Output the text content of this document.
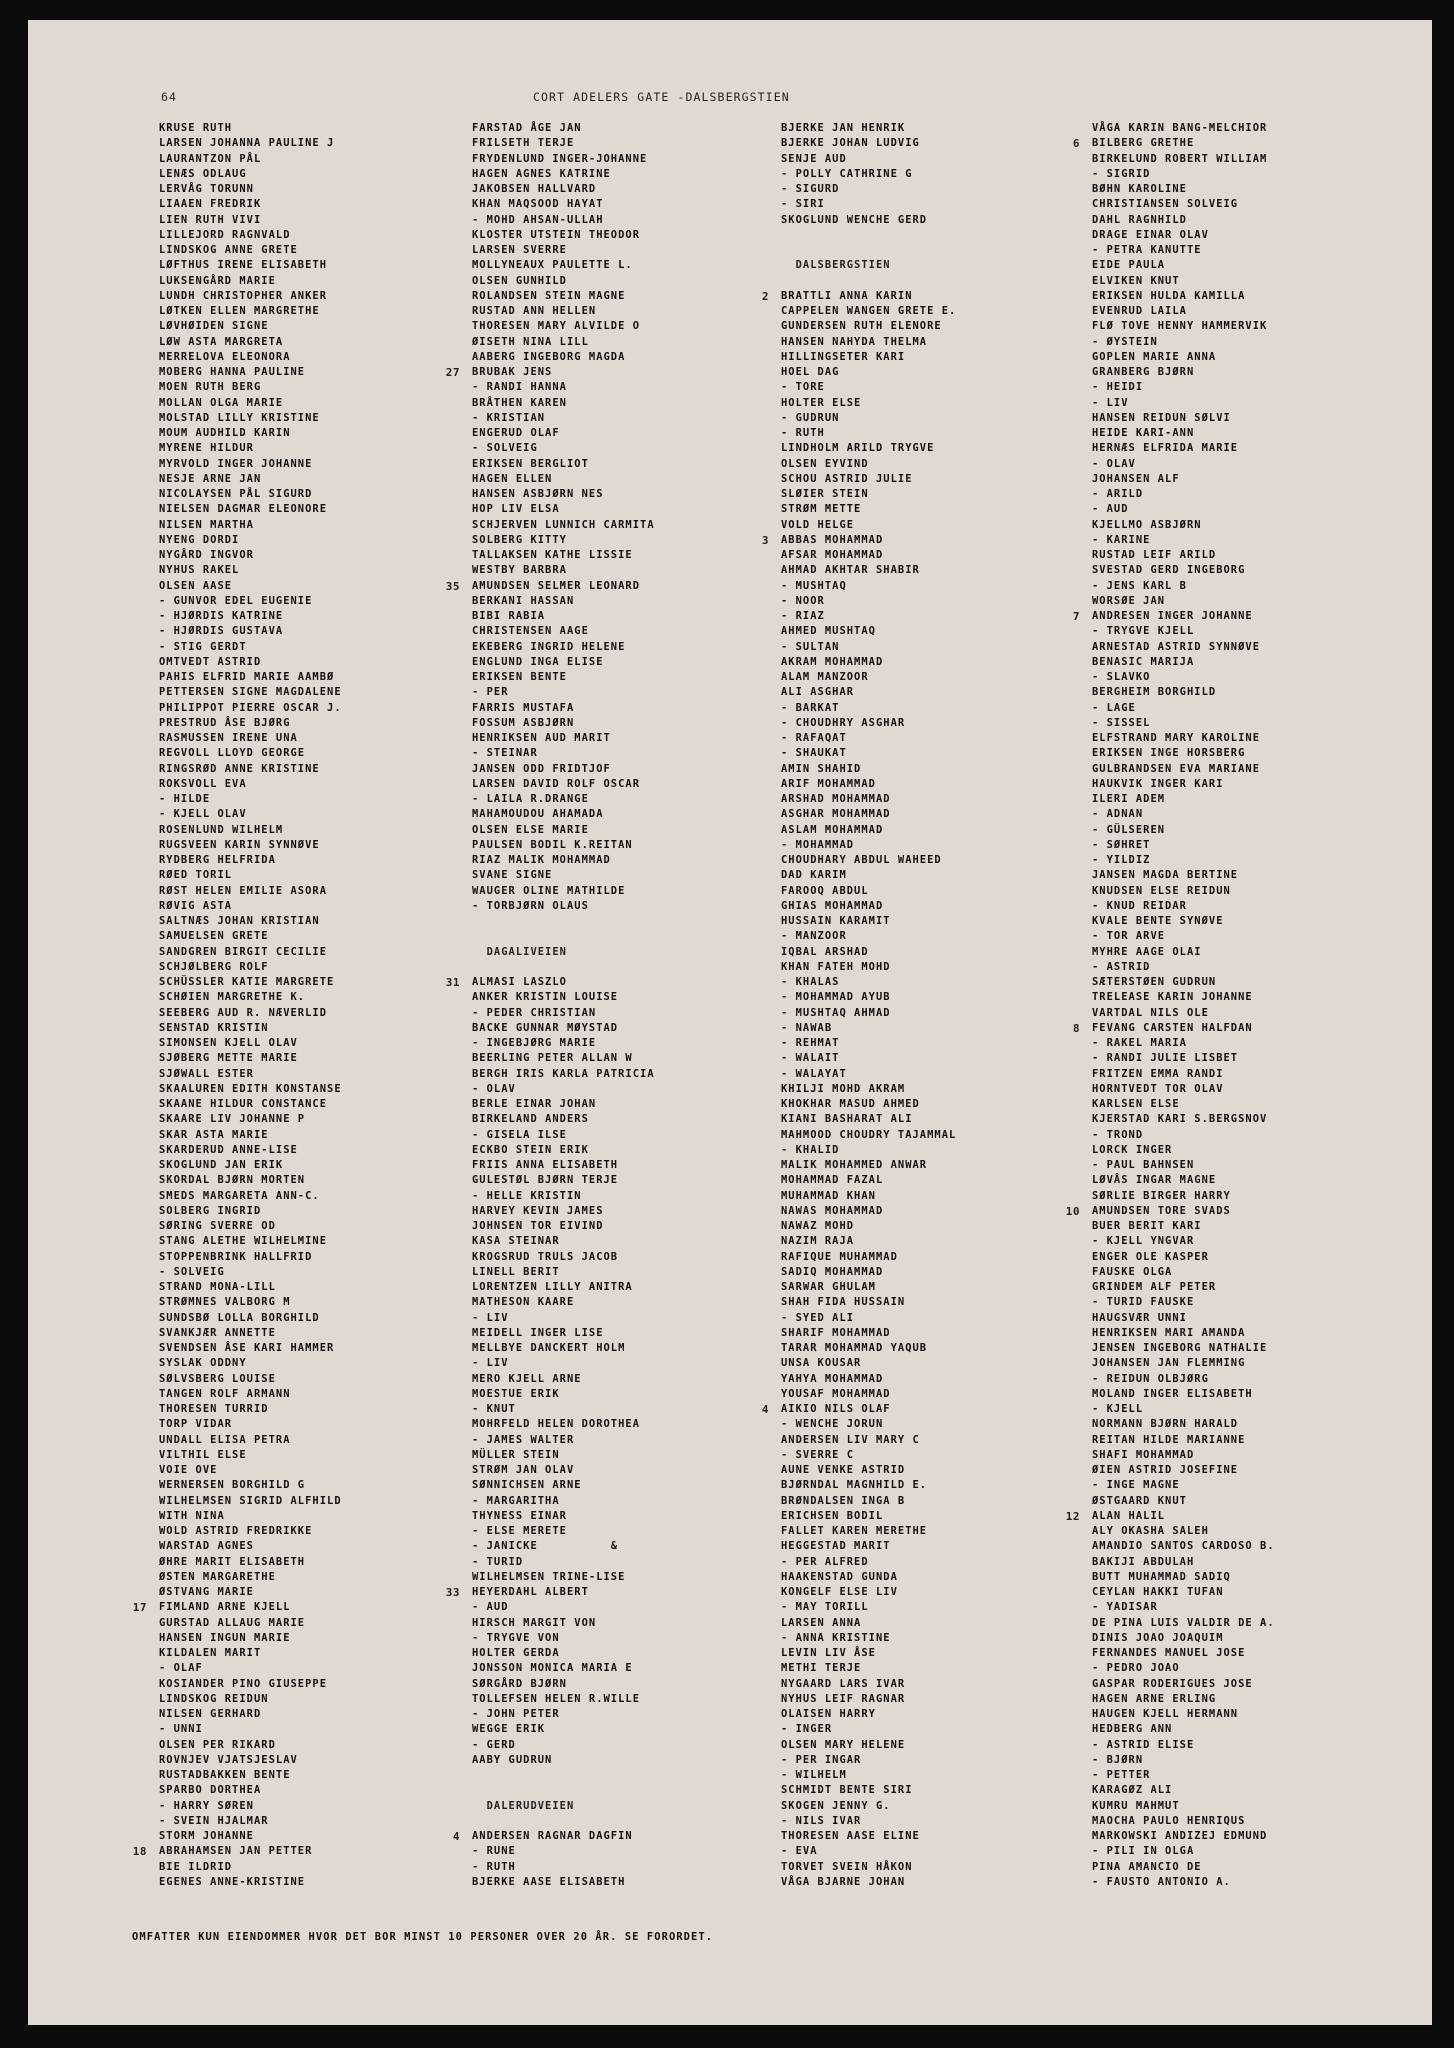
64	CORT ADELERS GATE -DALSBERGSTIEN
KRUSE RUTH
LARSEN JOHANNA PAULINE J
LAURANTZON PÅL
LENÆS ODLAUG
LERVÅG TORUNN
LIAAEN FREDRIK
LIEN RUTH VIVI
LILLEJORD RAGNVALD
LINDSKOG ANNE GRETE
LØFTHUS IRENE ELISABETH
LUKSENGÅRD MARIE
LUNDH CHRISTOPHER ANKER
LØTKEN ELLEN MARGRETHE
LØVHØIDEN SIGNE
LØW ASTA MARGRETA
MERRELOVA ELEONORA
MOBERG HANNA PAULINE
MOEN RUTH BERG
MOLLAN OLGA MARIE
MOLSTAD LILLY KRISTINE
MOUM AUDHILD KARIN
MYRENE HILDUR
MYRVOLD INGER JOHANNE
NESJE ARNE JAN
NICOLAYSEN PÅL SIGURD
NIELSEN DAGMAR ELEONORE
NILSEN MARTHA
NYENG DORDI
NYGÅRD INGVOR
NYHUS RAKEL
OLSEN AASE
- GUNVOR EDEL EUGENIE
- HJØRDIS KATRINE
- HJØRDIS GUSTAVA
- STIG GERDT
OMTVEDT ASTRID
PAHIS ELFRID MARIE AAMBØ
PETTERSEN SIGNE MAGDALENE
PHILIPPOT PIERRE OSCAR J.
PRESTRUD ÅSE BJØRG
RASMUSSEN IRENE UNA
REGVOLL LLOYD GEORGE
RINGSRØD ANNE KRISTINE
ROKSVOLL EVA
- HILDE
- KJELL OLAV
ROSENLUND WILHELM
RUGSVEEN KARIN SYNNØVE
RYDBERG HELFRIDA
RØED TORIL
RØST HELEN EMILIE ASORA
RØVIG ASTA
SALTNÆS JOHAN KRISTIAN
SAMUELSEN GRETE
SANDGREN BIRGIT CECILIE
SCHJØLBERG ROLF
SCHÜSSLER KATIE MARGRETE
SCHØIEN MARGRETHE K.
SEEBERG AUD R. NÆVERLID
SENSTAD KRISTIN
SIMONSEN KJELL OLAV
SJØBERG METTE MARIE
SJØWALL ESTER
SKAALUREN EDITH KONSTANSE
SKAANE HILDUR CONSTANCE
SKAARE LIV JOHANNE P
SKAR ASTA MARIE
SKARDERUD ANNE-LISE
SKOGLUND JAN ERIK
SKORDAL BJØRN MORTEN
SMEDS MARGARETA ANN-C.
SOLBERG INGRID
SØRING SVERRE OD
STANG ALETHE WILHELMINE
STOPPENBRINK HALLFRID
- SOLVEIG
STRAND MONA-LILL
STRØMNES VALBORG M
SUNDSBØ LOLLA BORGHILD
SVANKJÆR ANNETTE
SVENDSEN ÅSE KARI HAMMER
SYSLAK ODDNY
SØLVSBERG LOUISE
TANGEN ROLF ARMANN
THORESEN TURRID
TORP VIDAR
UNDALL ELISA PETRA
VILTHIL ELSE
VOIE OVE
WERNERSEN BORGHILD G
WILHELMSEN SIGRID ALFHILD
WITH NINA
WOLD ASTRID FREDRIKKE
WARSTAD AGNES
ØHRE MARIT ELISABETH
ØSTEN MARGARETHE
ØSTVANG MARIE
17 FIMLAND ARNE KJELL
GURSTAD ALLAUG MARIE
HANSEN INGUN MARIE
KILDALEN MARIT
- OLAF
KOSIANDER PINO GIUSEPPE
LINDSKOG REIDUN
NILSEN GERHARD
- UNNI
OLSEN PER RIKARD
ROVNJEV VJATSJESLAV
RUSTADBAKKEN BENTE
SPARBO DORTHEA
- HARRY SØREN
- SVEIN HJALMAR
STORM JOHANNE
18 ABRAHAMSEN JAN PETTER
BIE ILDRID
EGENES ANNE-KRISTINE
FARSTAD ÅGE JAN
FRILSETH TERJE
FRYDENLUND INGER-JOHANNE
HAGEN AGNES KATRINE
JAKOBSEN HALLVARD
KHAN MAQSOOD HAYAT
- MOHD AHSAN-ULLAH
KLOSTER UTSTEIN THEODOR
LARSEN SVERRE
MOLLYNEAUX PAULETTE L.
OLSEN GUNHILD
ROLANDSEN STEIN MAGNE
RUSTAD ANN HELLEN
THORESEN MARY ALVILDE O
ØISETH NINA LILL
AABERG INGEBORG MAGDA
27 BRUBAK JENS
- RANDI HANNA
BRÅTHEN KAREN
- KRISTIAN
ENGERUD OLAF
- SOLVEIG
ERIKSEN BERGLIOT
HAGEN ELLEN
HANSEN ASBJØRN NES
HOP LIV ELSA
SCHJERVEN LUNNICH CARMITA
SOLBERG KITTY
TALLAKSEN KATHE LISSIE
WESTBY BARBRA
35 AMUNDSEN SELMER LEONARD
BERKANI HASSAN
BIBI RABIA
CHRISTENSEN AAGE
EKEBERG INGRID HELENE
ENGLUND INGA ELISE
ERIKSEN BENTE
- PER
FARRIS MUSTAFA
FOSSUM ASBJØRN
HENRIKSEN AUD MARIT
- STEINAR
JANSEN ODD FRIDTJOF
LARSEN DAVID ROLF OSCAR
- LAILA R.DRANGE
MAHAMOUDOU AHAMADA
OLSEN ELSE MARIE
PAULSEN BODIL K.REITAN
RIAZ MALIK MOHAMMAD
SVANE SIGNE
WAUGER OLINE MATHILDE
- TORBJØRN OLAUS
DAGALIVEIEN
31 ALMASI LASZLO
ANKER KRISTIN LOUISE
- PEDER CHRISTIAN
BACKE GUNNAR MØYSTAD
- INGEBJØRG MARIE
BEERLING PETER ALLAN W
BERGH IRIS KARLA PATRICIA
- OLAV
BERLE EINAR JOHAN
BIRKELAND ANDERS
- GISELA ILSE
ECKBO STEIN ERIK
FRIIS ANNA ELISABETH
GULESTØL BJØRN TERJE
- HELLE KRISTIN
HARVEY KEVIN JAMES
JOHNSEN TOR EIVIND
KASA STEINAR
KROGSRUD TRULS JACOB
LINELL BERIT
LORENTZEN LILLY ANITRA
MATHESON KAARE
- LIV
MEIDELL INGER LISE
MELLBYE DANCKERT HOLM
- LIV
MERO KJELL ARNE
MOESTUE ERIK
- KNUT
MOHRFELD HELEN DOROTHEA
- JAMES WALTER
MÜLLER STEIN
STRØM JAN OLAV
SØNNICHSEN ARNE
- MARGARITHA
THYNESS EINAR
- ELSE MERETE
- JANICKE          &
- TURID
WILHELMSEN TRINE-LISE
33 HEYERDAHL ALBERT
- AUD
HIRSCH MARGIT VON
- TRYGVE VON
HOLTER GERDA
JONSSON MONICA MARIA E
SØRGÅRD BJØRN
TOLLEFSEN HELEN R.WILLE
- JOHN PETER
WEGGE ERIK
- GERD
AABY GUDRUN
DALERUDVEIEN
4 ANDERSEN RAGNAR DAGFIN
- RUNE
- RUTH
BJERKE AASE ELISABETH
BJERKE JAN HENRIK
BJERKE JOHAN LUDVIG
SENJE AUD
- POLLY CATHRINE G
- SIGURD
- SIRI
SKOGLUND WENCHE GERD
DALSBERGSTIEN
2 BRATTLI ANNA KARIN
CAPPELEN WANGEN GRETE E.
GUNDERSEN RUTH ELENORE
HANSEN NAHYDA THELMA
HILLINGSETER KARI
HOEL DAG
- TORE
HOLTER ELSE
- GUDRUN
- RUTH
LINDHOLM ARILD TRYGVE
OLSEN EYVIND
SCHOU ASTRID JULIE
SLØIER STEIN
STRØM METTE
VOLD HELGE
3 ABBAS MOHAMMAD
AFSAR MOHAMMAD
AHMAD AKHTAR SHABIR
- MUSHTAQ
- NOOR
- RIAZ
AHMED MUSHTAQ
- SULTAN
AKRAM MOHAMMAD
ALAM MANZOOR
ALI ASGHAR
- BARKAT
- CHOUDHRY ASGHAR
- RAFAQAT
- SHAUKAT
AMIN SHAHID
ARIF MOHAMMAD
ARSHAD MOHAMMAD
ASGHAR MOHAMMAD
ASLAM MOHAMMAD
- MOHAMMAD
CHOUDHARY ABDUL WAHEED
DAD KARIM
FAROOQ ABDUL
GHIAS MOHAMMAD
HUSSAIN KARAMIT
- MANZOOR
IQBAL ARSHAD
KHAN FATEH MOHD
- KHALAS
- MOHAMMAD AYUB
- MUSHTAQ AHMAD
- NAWAB
- REHMAT
- WALAIT
- WALAYAT
KHILJI MOHD AKRAM
KHOKHAR MASUD AHMED
KIANI BASHARAT ALI
MAHMOOD CHOUDRY TAJAMMAL
- KHALID
MALIK MOHAMMED ANWAR
MOHAMMAD FAZAL
MUHAMMAD KHAN
NAWAS MOHAMMAD
NAWAZ MOHD
NAZIM RAJA
RAFIQUE MUHAMMAD
SADIQ MOHAMMAD
SARWAR GHULAM
SHAH FIDA HUSSAIN
- SYED ALI
SHARIF MOHAMMAD
TARAR MOHAMMAD YAQUB
UNSA KOUSAR
YAHYA MOHAMMAD
YOUSAF MOHAMMAD
4 AIKIO NILS OLAF
- WENCHE JORUN
ANDERSEN LIV MARY C
- SVERRE C
AUNE VENKE ASTRID
BJØRNDAL MAGNHILD E.
BRØNDALSEN INGA B
ERICHSEN BODIL
FALLET KAREN MERETHE
HEGGESTAD MARIT
- PER ALFRED
HAAKENSTAD GUNDA
KONGELF ELSE LIV
- MAY TORILL
LARSEN ANNA
- ANNA KRISTINE
LEVIN LIV ÅSE
METHI TERJE
NYGAARD LARS IVAR
NYHUS LEIF RAGNAR
OLAISEN HARRY
- INGER
OLSEN MARY HELENE
- PER INGAR
- WILHELM
SCHMIDT BENTE SIRI
SKOGEN JENNY G.
- NILS IVAR
THORESEN AASE ELINE
- EVA
TORVET SVEIN HÅKON
VÅGA BJARNE JOHAN
VÅGA KARIN BANG-MELCHIOR
6 BILBERG GRETHE
BIRKELUND ROBERT WILLIAM
- SIGRID
BØHN KAROLINE
CHRISTIANSEN SOLVEIG
DAHL RAGNHILD
DRAGE EINAR OLAV
- PETRA KANUTTE
EIDE PAULA
ELVIKEN KNUT
ERIKSEN HULDA KAMILLA
EVENRUD LAILA
FLØ TOVE HENNY HAMMERVIK
- ØYSTEIN
GOPLEN MARIE ANNA
GRANBERG BJØRN
- HEIDI
- LIV
HANSEN REIDUN SØLVI
HEIDE KARI-ANN
HERNÆS ELFRIDA MARIE
- OLAV
JOHANSEN ALF
- ARILD
- AUD
KJELLMO ASBJØRN
- KARINE
RUSTAD LEIF ARILD
SVESTAD GERD INGEBORG
- JENS KARL B
WORSØE JAN
7 ANDRESEN INGER JOHANNE
- TRYGVE KJELL
ARNESTAD ASTRID SYNNØVE
BENASIC MARIJA
- SLAVKO
BERGHEIM BORGHILD
- LAGE
- SISSEL
ELFSTRAND MARY KAROLINE
ERIKSEN INGE HORSBERG
GULBRANDSEN EVA MARIANE
HAUKVIK INGER KARI
ILERI ADEM
- ADNAN
- GÜLSEREN
- SØHRET
- YILDIZ
JANSEN MAGDA BERTINE
KNUDSEN ELSE REIDUN
- KNUD REIDAR
KVALE BENTE SYNØVE
- TOR ARVE
MYHRE AAGE OLAI
- ASTRID
SÆTERSTØEN GUDRUN
TRELEASE KARIN JOHANNE
VARTDAL NILS OLE
8 FEVANG CARSTEN HALFDAN
- RAKEL MARIA
- RANDI JULIE LISBET
FRITZEN EMMA RANDI
HORNTVEDT TOR OLAV
KARLSEN ELSE
KJERSTAD KARI S.BERGSNOV
- TROND
LORCK INGER
- PAUL BAHNSEN
LØVÅS INGAR MAGNE
SØRLIE BIRGER HARRY
10 AMUNDSEN TORE SVADS
BUER BERIT KARI
- KJELL YNGVAR
ENGER OLE KASPER
FAUSKE OLGA
GRINDEM ALF PETER
- TURID FAUSKE
HAUGSVÆR UNNI
HENRIKSEN MARI AMANDA
JENSEN INGEBORG NATHALIE
JOHANSEN JAN FLEMMING
- REIDUN OLBJØRG
MOLAND INGER ELISABETH
- KJELL
NORMANN BJØRN HARALD
REITAN HILDE MARIANNE
SHAFI MOHAMMAD
ØIEN ASTRID JOSEFINE
- INGE MAGNE
ØSTGAARD KNUT
12 ALAN HALIL
ALY OKASHA SALEH
AMANDIO SANTOS CARDOSO B.
BAKIJI ABDULAH
BUTT MUHAMMAD SADIQ
CEYLAN HAKKI TUFAN
- YADISAR
DE PINA LUIS VALDIR DE A.
DINIS JOAO JOAQUIM
FERNANDES MANUEL JOSE
- PEDRO JOAO
GASPAR RODERIGUES JOSE
HAGEN ARNE ERLING
HAUGEN KJELL HERMANN
HEDBERG ANN
- ASTRID ELISE
- BJØRN
- PETTER
KARAGØZ ALI
KUMRU MAHMUT
MAOCHA PAULO HENRIQUS
MARKOWSKI ANDIZEJ EDMUND
- PILI IN OLGA
PINA AMANCIO DE
- FAUSTO ANTONIO A.
OMFATTER KUN EIENDOMMER HVOR DET BOR MINST 10 PERSONER OVER 20 ÅR. SE FORORDET.
